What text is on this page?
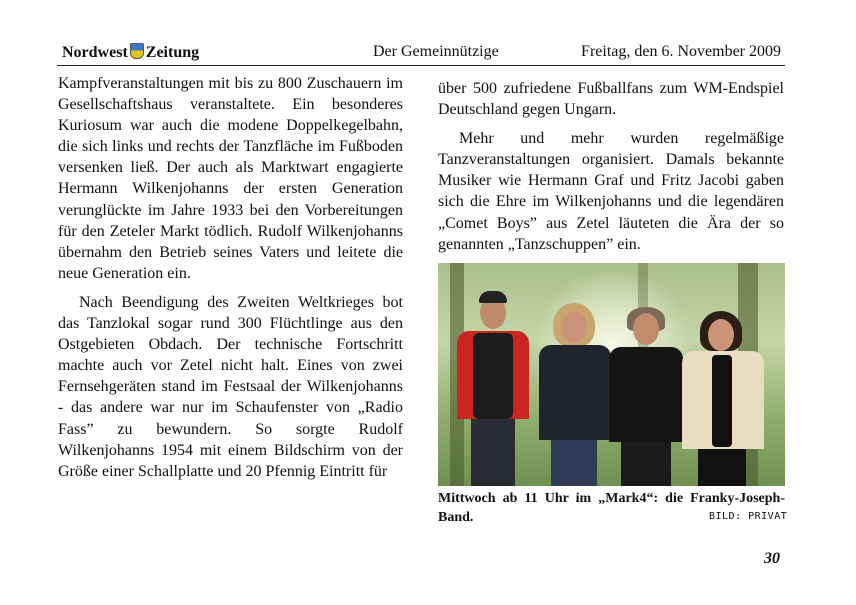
Nordwest Zeitung	Der Gemeinnützige	Freitag, den 6. November 2009

Kampfveranstaltungen mit bis zu 800 Zuschauern im Gesellschaftshaus veranstaltete. Ein besonderes Kuriosum war auch die modene Doppelkegelbahn, die sich links und rechts der Tanzfläche im Fußboden versenken ließ. Der auch als Marktwart engagierte Hermann Wilkenjohanns der ersten Generation verunglückte im Jahre 1933 bei den Vorbereitungen für den Zeteler Markt tödlich. Rudolf Wilkenjohanns übernahm den Betrieb seines Vaters und leitete die neue Generation ein.

Nach Beendigung des Zweiten Weltkrieges bot das Tanzlokal sogar rund 300 Flüchtlinge aus den Ostgebieten Obdach. Der technische Fortschritt machte auch vor Zetel nicht halt. Eines von zwei Fernsehgeräten stand im Festsaal der Wilkenjohanns - das andere war nur im Schaufenster von „Radio Fass” zu bewundern. So sorgte Rudolf Wilkenjohanns 1954 mit einem Bildschirm von der Größe einer Schallplatte und 20 Pfennig Eintritt für

über 500 zufriedene Fußballfans zum WM-Endspiel Deutschland gegen Ungarn.

Mehr und mehr wurden regelmäßige Tanzveranstaltungen organisiert. Damals bekannte Musiker wie Hermann Graf und Fritz Jacobi gaben sich die Ehre im Wilkenjohanns und die legendären „Comet Boys” aus Zetel läuteten die Ära der so genannten „Tanzschuppen” ein.

Mittwoch ab 11 Uhr im „Mark4“: die Franky-Joseph-Band.	BILD: PRIVAT
30
